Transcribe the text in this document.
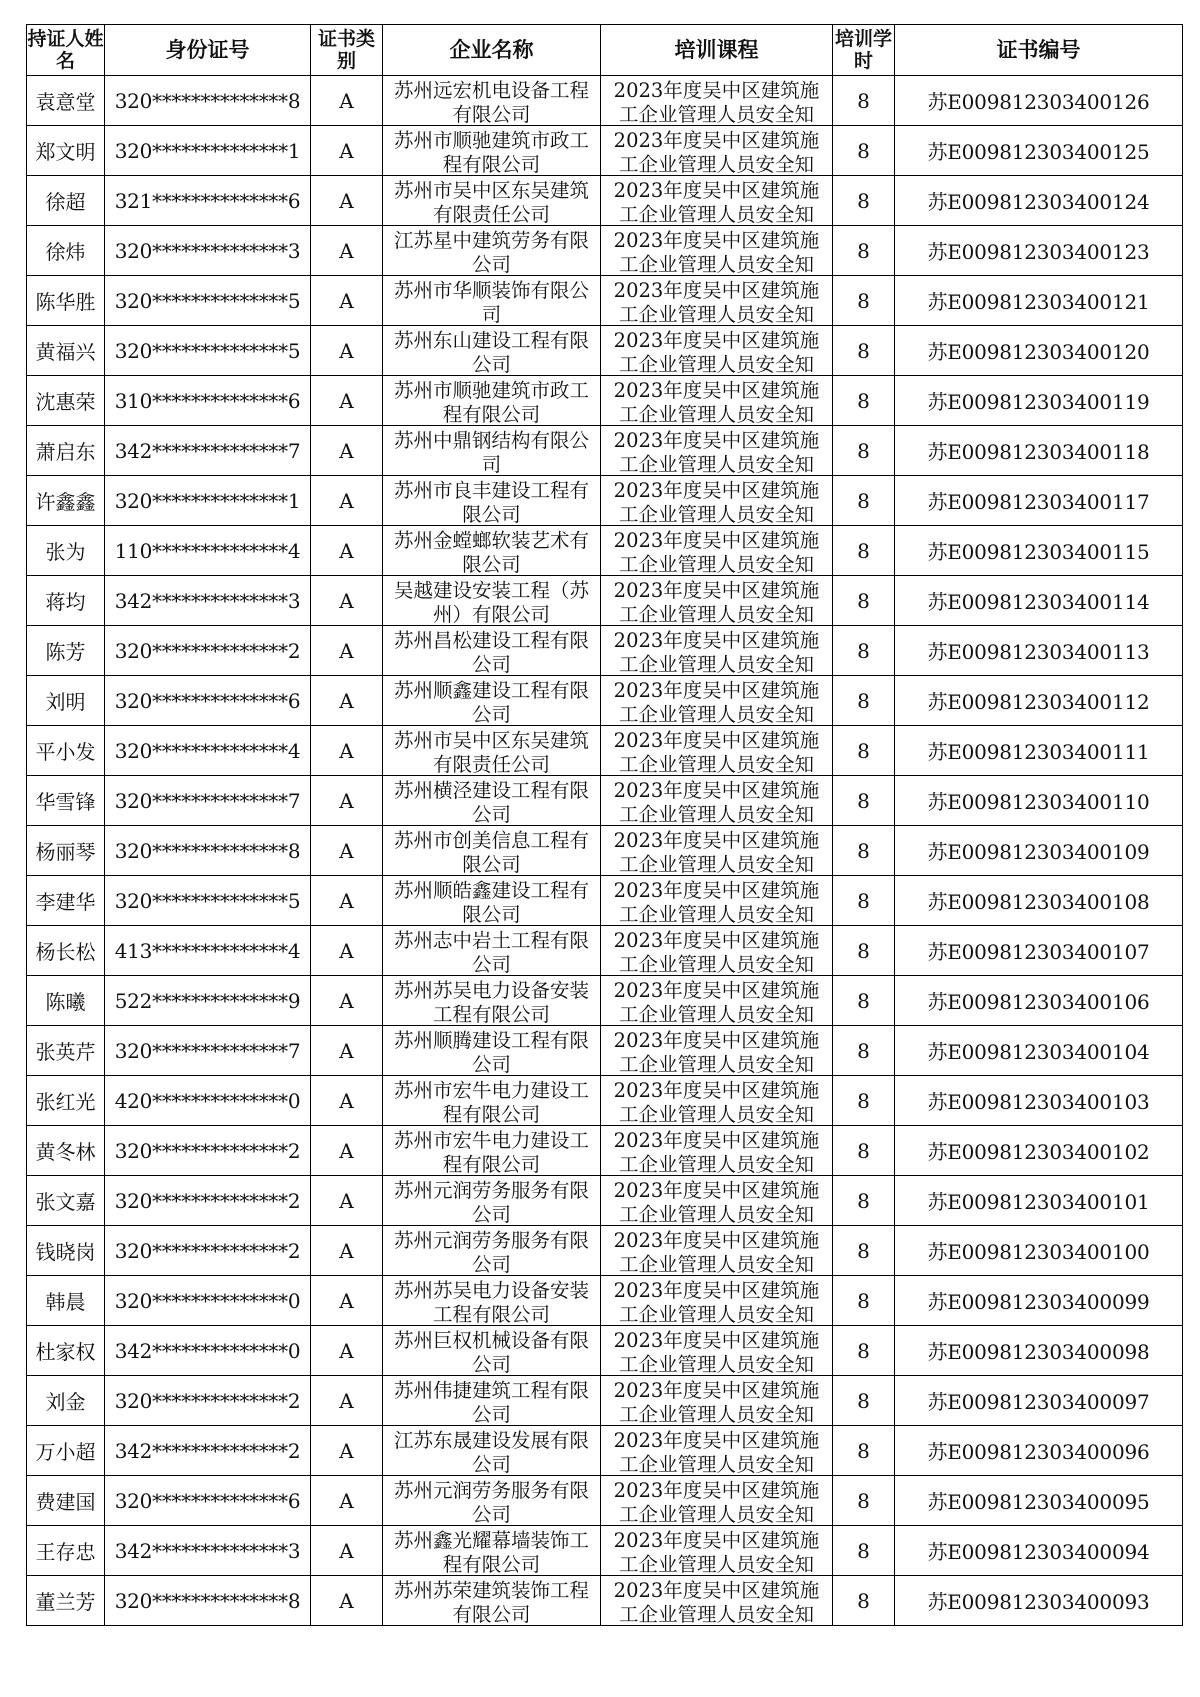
持证人姓名	身份证号	证书类别	企业名称	培训课程	培训学时	证书编号
袁意堂	320**************8	A	苏州远宏机电设备工程有限公司	2023年度吴中区建筑施工企业管理人员安全知	8	苏E009812303400126
郑文明	320**************1	A	苏州市顺驰建筑市政工程有限公司	2023年度吴中区建筑施工企业管理人员安全知	8	苏E009812303400125
徐超	321**************6	A	苏州市吴中区东吴建筑有限责任公司	2023年度吴中区建筑施工企业管理人员安全知	8	苏E009812303400124
徐炜	320**************3	A	江苏星中建筑劳务有限公司	2023年度吴中区建筑施工企业管理人员安全知	8	苏E009812303400123
陈华胜	320**************5	A	苏州市华顺装饰有限公司	2023年度吴中区建筑施工企业管理人员安全知	8	苏E009812303400121
黄福兴	320**************5	A	苏州东山建设工程有限公司	2023年度吴中区建筑施工企业管理人员安全知	8	苏E009812303400120
沈惠荣	310**************6	A	苏州市顺驰建筑市政工程有限公司	2023年度吴中区建筑施工企业管理人员安全知	8	苏E009812303400119
萧启东	342**************7	A	苏州中鼎钢结构有限公司	2023年度吴中区建筑施工企业管理人员安全知	8	苏E009812303400118
许鑫鑫	320**************1	A	苏州市良丰建设工程有限公司	2023年度吴中区建筑施工企业管理人员安全知	8	苏E009812303400117
张为	110**************4	A	苏州金螳螂软装艺术有限公司	2023年度吴中区建筑施工企业管理人员安全知	8	苏E009812303400115
蒋均	342**************3	A	吴越建设安装工程（苏州）有限公司	2023年度吴中区建筑施工企业管理人员安全知	8	苏E009812303400114
陈芳	320**************2	A	苏州昌松建设工程有限公司	2023年度吴中区建筑施工企业管理人员安全知	8	苏E009812303400113
刘明	320**************6	A	苏州顺鑫建设工程有限公司	2023年度吴中区建筑施工企业管理人员安全知	8	苏E009812303400112
平小发	320**************4	A	苏州市吴中区东吴建筑有限责任公司	2023年度吴中区建筑施工企业管理人员安全知	8	苏E009812303400111
华雪锋	320**************7	A	苏州横泾建设工程有限公司	2023年度吴中区建筑施工企业管理人员安全知	8	苏E009812303400110
杨丽琴	320**************8	A	苏州市创美信息工程有限公司	2023年度吴中区建筑施工企业管理人员安全知	8	苏E009812303400109
李建华	320**************5	A	苏州顺皓鑫建设工程有限公司	2023年度吴中区建筑施工企业管理人员安全知	8	苏E009812303400108
杨长松	413**************4	A	苏州志中岩土工程有限公司	2023年度吴中区建筑施工企业管理人员安全知	8	苏E009812303400107
陈曦	522**************9	A	苏州苏吴电力设备安装工程有限公司	2023年度吴中区建筑施工企业管理人员安全知	8	苏E009812303400106
张英芹	320**************7	A	苏州顺腾建设工程有限公司	2023年度吴中区建筑施工企业管理人员安全知	8	苏E009812303400104
张红光	420**************0	A	苏州市宏牛电力建设工程有限公司	2023年度吴中区建筑施工企业管理人员安全知	8	苏E009812303400103
黄冬林	320**************2	A	苏州市宏牛电力建设工程有限公司	2023年度吴中区建筑施工企业管理人员安全知	8	苏E009812303400102
张文嘉	320**************2	A	苏州元润劳务服务有限公司	2023年度吴中区建筑施工企业管理人员安全知	8	苏E009812303400101
钱晓岗	320**************2	A	苏州元润劳务服务有限公司	2023年度吴中区建筑施工企业管理人员安全知	8	苏E009812303400100
韩晨	320**************0	A	苏州苏吴电力设备安装工程有限公司	2023年度吴中区建筑施工企业管理人员安全知	8	苏E009812303400099
杜家权	342**************0	A	苏州巨权机械设备有限公司	2023年度吴中区建筑施工企业管理人员安全知	8	苏E009812303400098
刘金	320**************2	A	苏州伟捷建筑工程有限公司	2023年度吴中区建筑施工企业管理人员安全知	8	苏E009812303400097
万小超	342**************2	A	江苏东晟建设发展有限公司	2023年度吴中区建筑施工企业管理人员安全知	8	苏E009812303400096
费建国	320**************6	A	苏州元润劳务服务有限公司	2023年度吴中区建筑施工企业管理人员安全知	8	苏E009812303400095
王存忠	342**************3	A	苏州鑫光耀幕墙装饰工程有限公司	2023年度吴中区建筑施工企业管理人员安全知	8	苏E009812303400094
董兰芳	320**************8	A	苏州苏荣建筑装饰工程有限公司	2023年度吴中区建筑施工企业管理人员安全知	8	苏E009812303400093
